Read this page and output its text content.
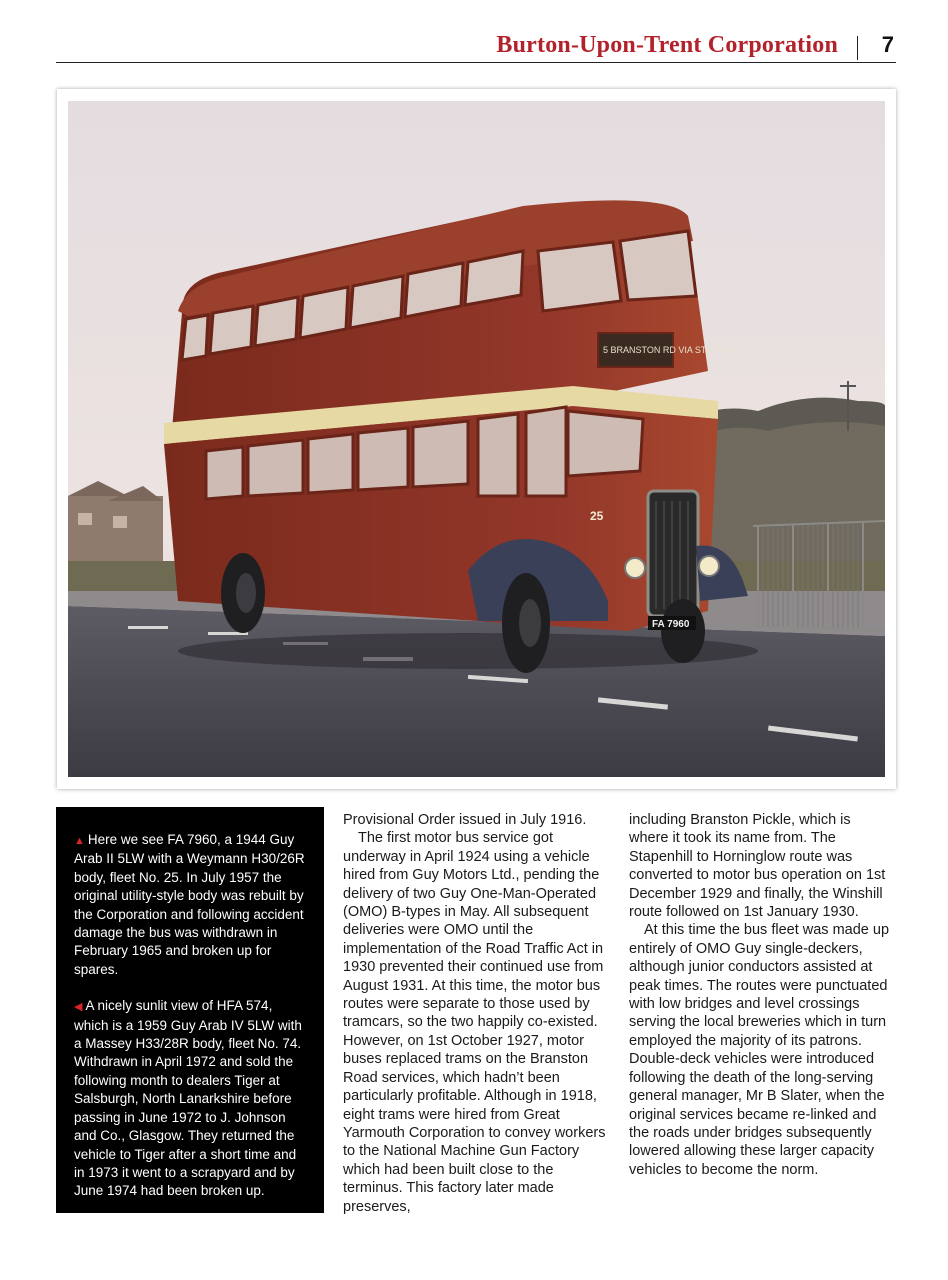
Burton-Upon-Trent Corporation 7
5 BRANSTON RD VIA STATION
25
FA 7960

▲ Here we see FA 7960, a 1944 Guy Arab II 5LW with a Weymann H30/26R body, fleet No. 25. In July 1957 the original utility-style body was rebuilt by the Corporation and following accident damage the bus was withdrawn in February 1965 and broken up for spares.

◀ A nicely sunlit view of HFA 574, which is a 1959 Guy Arab IV 5LW with a Massey H33/28R body, fleet No. 74. Withdrawn in April 1972 and sold the following month to dealers Tiger at Salsburgh, North Lanarkshire before passing in June 1972 to J. Johnson and Co., Glasgow. They returned the vehicle to Tiger after a short time and in 1973 it went to a scrapyard and by June 1974 had been broken up.

Provisional Order issued in July 1916.

The first motor bus service got underway in April 1924 using a vehicle hired from Guy Motors Ltd., pending the delivery of two Guy One-Man-Operated (OMO) B-types in May. All subsequent deliveries were OMO until the implementation of the Road Traffic Act in 1930 prevented their continued use from August 1931. At this time, the motor bus routes were separate to those used by tramcars, so the two happily co-existed. However, on 1st October 1927, motor buses replaced trams on the Branston Road services, which hadn’t been particularly profitable. Although in 1918, eight trams were hired from Great Yarmouth Corporation to convey workers to the National Machine Gun Factory which had been built close to the terminus. This factory later made preserves,

including Branston Pickle, which is where it took its name from. The Stapenhill to Horninglow route was converted to motor bus operation on 1st December 1929 and finally, the Winshill route followed on 1st January 1930.

At this time the bus fleet was made up entirely of OMO Guy single-deckers, although junior conductors assisted at peak times. The routes were punctuated with low bridges and level crossings serving the local breweries which in turn employed the majority of its patrons. Double-deck vehicles were introduced following the death of the long-serving general manager, Mr B Slater, when the original services became re-linked and the roads under bridges subsequently lowered allowing these larger capacity vehicles to become the norm.
